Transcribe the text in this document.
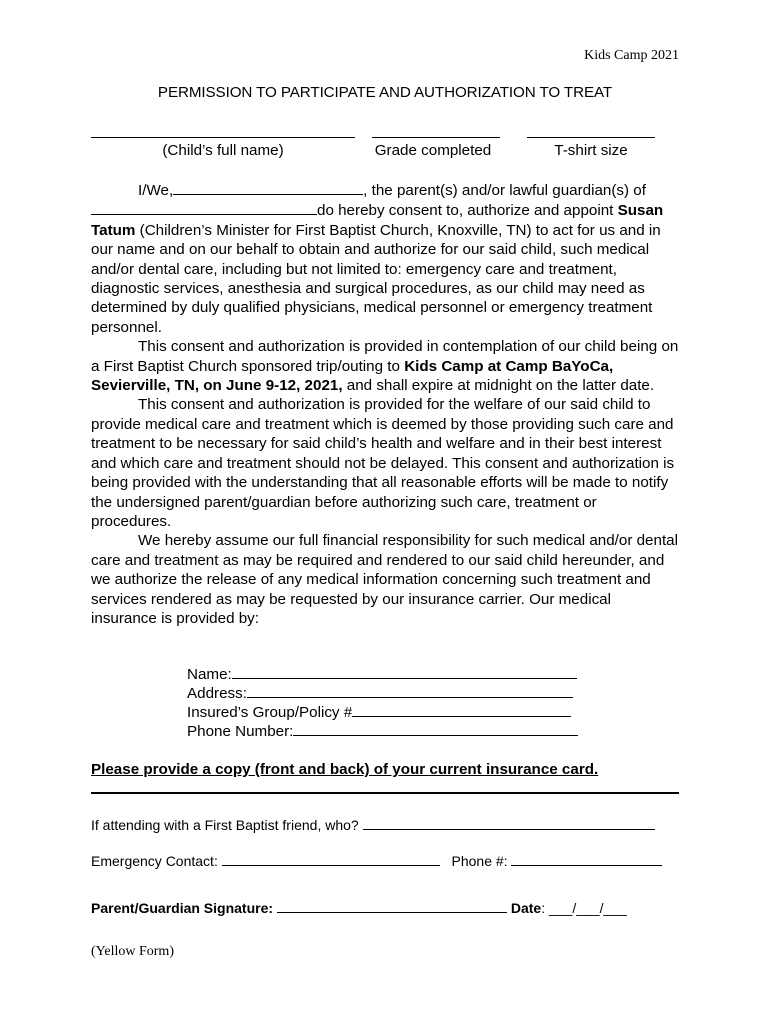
Kids Camp 2021
PERMISSION TO PARTICIPATE AND AUTHORIZATION TO TREAT
(Child’s full name)	Grade completed	T-shirt size

I/We,	, the parent(s) and/or lawful guardian(s) of
do hereby consent to, authorize and appoint Susan Tatum (Children’s Minister for First Baptist Church, Knoxville, TN) to act for us and in our name and on our behalf to obtain and authorize for our said child, such medical and/or dental care, including but not limited to: emergency care and treatment, diagnostic services, anesthesia and surgical procedures, as our child may need as determined by duly qualified physicians, medical personnel or emergency treatment personnel.

This consent and authorization is provided in contemplation of our child being on a First Baptist Church sponsored trip/outing to Kids Camp at Camp BaYoCa, Sevierville, TN, on June 9-12, 2021, and shall expire at midnight on the latter date.

This consent and authorization is provided for the welfare of our said child to provide medical care and treatment which is deemed by those providing such care and treatment to be necessary for said child’s health and welfare and in their best interest and which care and treatment should not be delayed. This consent and authorization is being provided with the understanding that all reasonable efforts will be made to notify the undersigned parent/guardian before authorizing such care, treatment or procedures.

We hereby assume our full financial responsibility for such medical and/or dental care and treatment as may be required and rendered to our said child hereunder, and we authorize the release of any medical information concerning such treatment and services rendered as may be requested by our insurance carrier. Our medical insurance is provided by:

Name:
Address:
Insured’s Group/Policy #
Phone Number:
Please provide a copy (front and back) of your current insurance card.
If attending with a First Baptist friend, who?
Emergency Contact:	Phone #:
Parent/Guardian Signature:	Date: ___/___/___
(Yellow Form)
